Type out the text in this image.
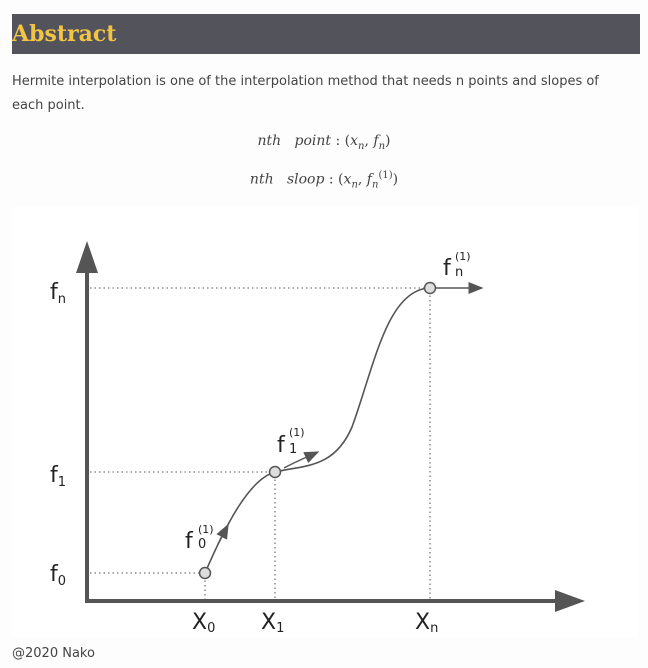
Abstract
Hermite interpolation is one of the interpolation method that needs n points and slopes of each point.
nth point : ($x_n$, $f_n$)
nth sloop : ($x_n$, $f_n^{(1)}$)
fn
f1
f0
X0 X1	Xn
f (1)
0
f
(1)
1
f (1)
n
@2020 Nako
